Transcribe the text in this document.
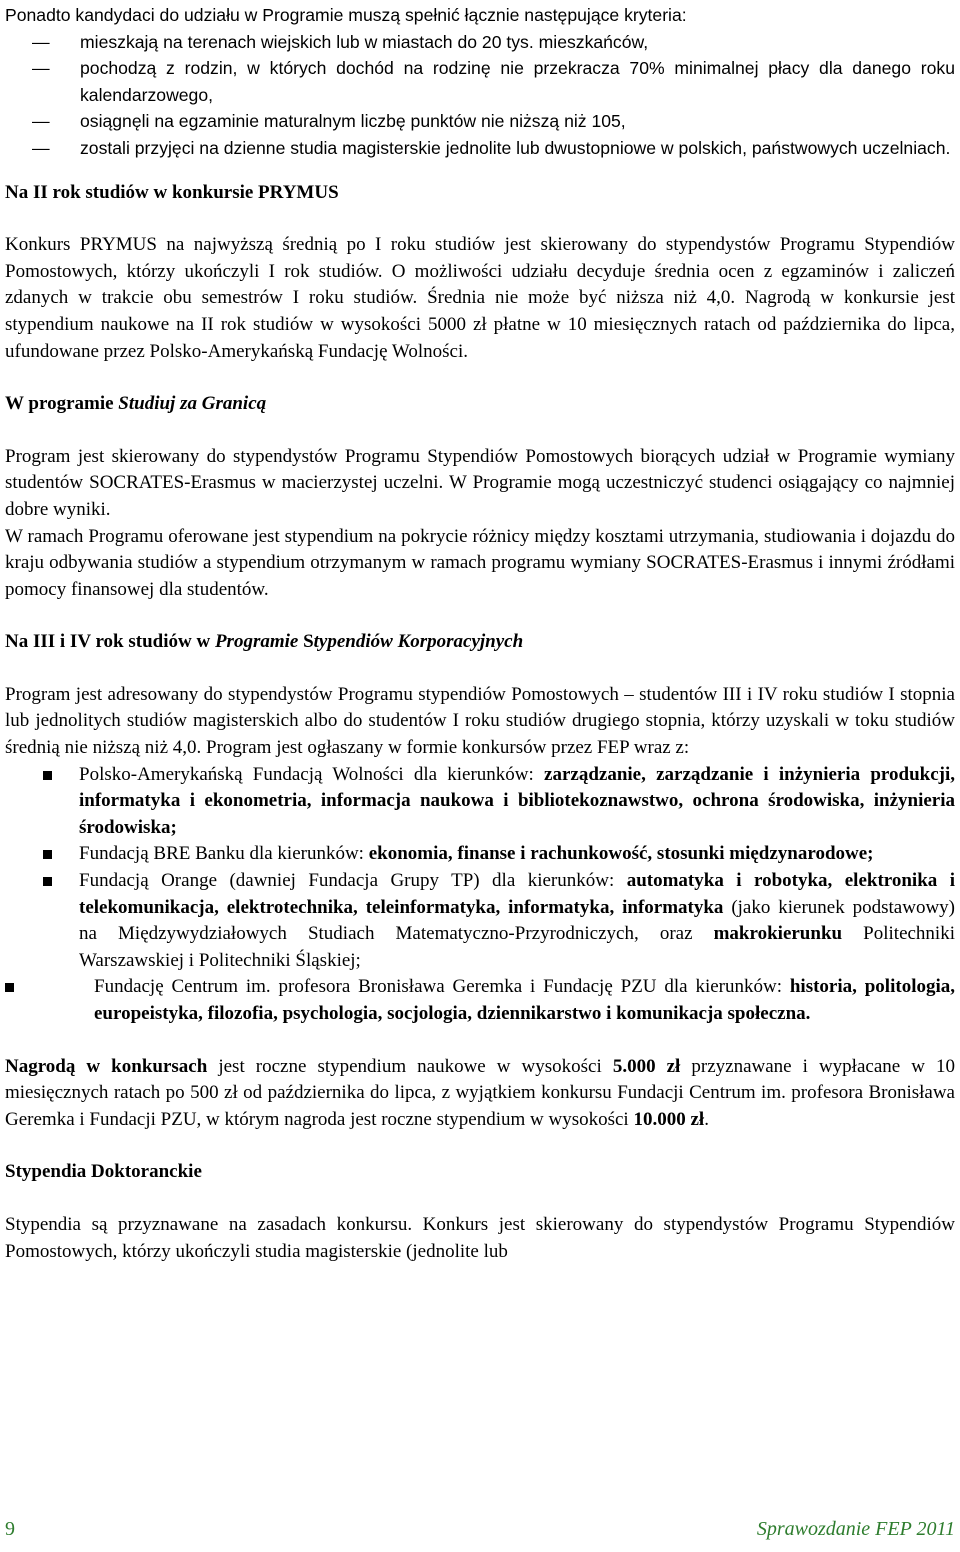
Ponadto kandydaci do udziału w Programie muszą spełnić łącznie następujące kryteria:

— mieszkają na terenach wiejskich lub w miastach do 20 tys. mieszkańców,
— pochodzą z rodzin, w których dochód na rodzinę nie przekracza 70% minimalnej płacy dla danego roku kalendarzowego,
— osiągnęli na egzaminie maturalnym liczbę punktów nie niższą niż 105,
— zostali przyjęci na dzienne studia magisterskie jednolite lub dwustopniowe w polskich, państwowych uczelniach.

Na II rok studiów w konkursie PRYMUS

Konkurs PRYMUS na najwyższą średnią po I roku studiów jest skierowany do stypendystów Programu Stypendiów Pomostowych, którzy ukończyli I rok studiów. O możliwości udziału decyduje średnia ocen z egzaminów i zaliczeń zdanych w trakcie obu semestrów I roku studiów. Średnia nie może być niższa niż 4,0. Nagrodą w konkursie jest stypendium naukowe na II rok studiów w wysokości 5000 zł płatne w 10 miesięcznych ratach od października do lipca, ufundowane przez Polsko-Amerykańską Fundację Wolności.

W programie Studiuj za Granicą

Program jest skierowany do stypendystów Programu Stypendiów Pomostowych biorących udział w Programie wymiany studentów SOCRATES-Erasmus w macierzystej uczelni. W Programie mogą uczestniczyć studenci osiągający co najmniej dobre wyniki.

W ramach Programu oferowane jest stypendium na pokrycie różnicy między kosztami utrzymania, studiowania i dojazdu do kraju odbywania studiów a stypendium otrzymanym w ramach programu wymiany SOCRATES-Erasmus i innymi źródłami pomocy finansowej dla studentów.

Na III i IV rok studiów w Programie Stypendiów Korporacyjnych

Program jest adresowany do stypendystów Programu stypendiów Pomostowych – studentów III i IV roku studiów I stopnia lub jednolitych studiów magisterskich albo do studentów I roku studiów drugiego stopnia, którzy uzyskali w toku studiów średnią nie niższą niż 4,0. Program jest ogłaszany w formie konkursów przez FEP wraz z:

Polsko-Amerykańską Fundacją Wolności dla kierunków: zarządzanie, zarządzanie i inżynieria produkcji, informatyka i ekonometria, informacja naukowa i bibliotekoznawstwo, ochrona środowiska, inżynieria środowiska;
Fundacją BRE Banku dla kierunków: ekonomia, finanse i rachunkowość, stosunki międzynarodowe;
Fundacją Orange (dawniej Fundacja Grupy TP) dla kierunków: automatyka i robotyka, elektronika i telekomunikacja, elektrotechnika, teleinformatyka, informatyka, informatyka (jako kierunek podstawowy) na Międzywydziałowych Studiach Matematyczno-Przyrodniczych, oraz makrokierunku Politechniki Warszawskiej i Politechniki Śląskiej;
Fundację Centrum im. profesora Bronisława Geremka i Fundację PZU dla kierunków: historia, politologia, europeistyka, filozofia, psychologia, socjologia, dziennikarstwo i komunikacja społeczna.

Nagrodą w konkursach jest roczne stypendium naukowe w wysokości 5.000 zł przyznawane i wypłacane w 10 miesięcznych ratach po 500 zł od października do lipca, z wyjątkiem konkursu Fundacji Centrum im. profesora Bronisława Geremka i Fundacji PZU, w którym nagroda jest roczne stypendium w wysokości 10.000 zł.

Stypendia Doktoranckie

Stypendia są przyznawane na zasadach konkursu. Konkurs jest skierowany do stypendystów Programu Stypendiów Pomostowych, którzy ukończyli studia magisterskie (jednolite lub

9	Sprawozdanie FEP 2011
